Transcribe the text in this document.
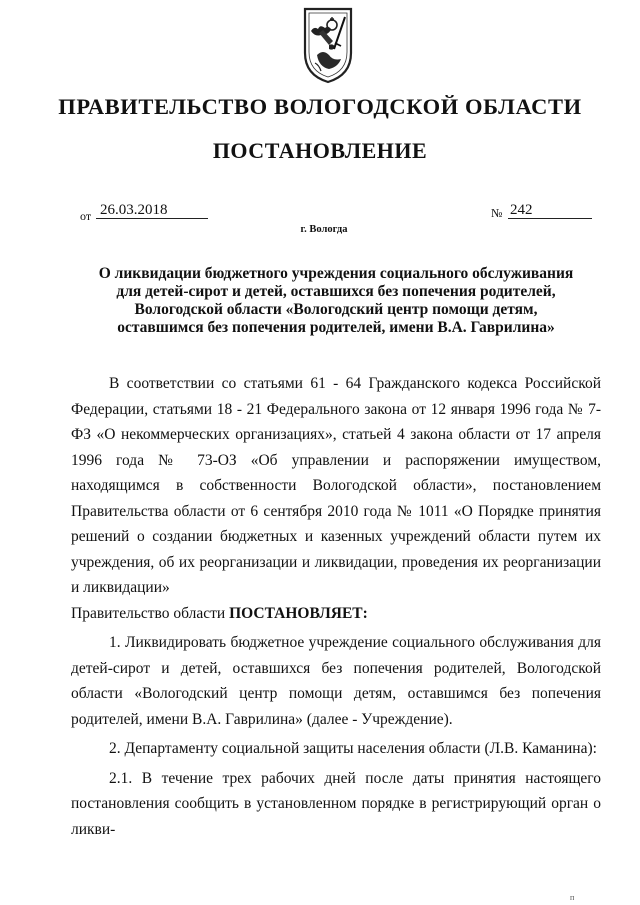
ПРАВИТЕЛЬСТВО ВОЛОГОДСКОЙ ОБЛАСТИ
ПОСТАНОВЛЕНИЕ
от 26.03.2018	№ 242
г. Вологда
О ликвидации бюджетного учреждения социального обслуживания для детей-сирот и детей, оставшихся без попечения родителей, Вологодской области «Вологодский центр помощи детям, оставшимся без попечения родителей, имени В.А. Гаврилина»

В соответствии со статьями 61 - 64 Гражданского кодекса Российской Федерации, статьями 18 - 21 Федерального закона от 12 января 1996 года № 7-ФЗ «О некоммерческих организациях», статьей 4 закона области от 17 апреля 1996 года № 73-ОЗ «Об управлении и распоряжении имуществом, находящимся в собственности Вологодской области», постановлением Правительства области от 6 сентября 2010 года № 1011 «О Порядке принятия решений о создании бюджетных и казенных учреждений области путем их учреждения, об их реорганизации и ликвидации, проведения их реорганизации и ликвидации»

Правительство области ПОСТАНОВЛЯЕТ:

1. Ликвидировать бюджетное учреждение социального обслуживания для детей-сирот и детей, оставшихся без попечения родителей, Вологодской области «Вологодский центр помощи детям, оставшимся без попечения родителей, имени В.А. Гаврилина» (далее - Учреждение).

2. Департаменту социальной защиты населения области (Л.В. Каманина):

2.1. В течение трех рабочих дней после даты принятия настоящего постановления сообщить в установленном порядке в регистрирующий орган о ликви-

п
